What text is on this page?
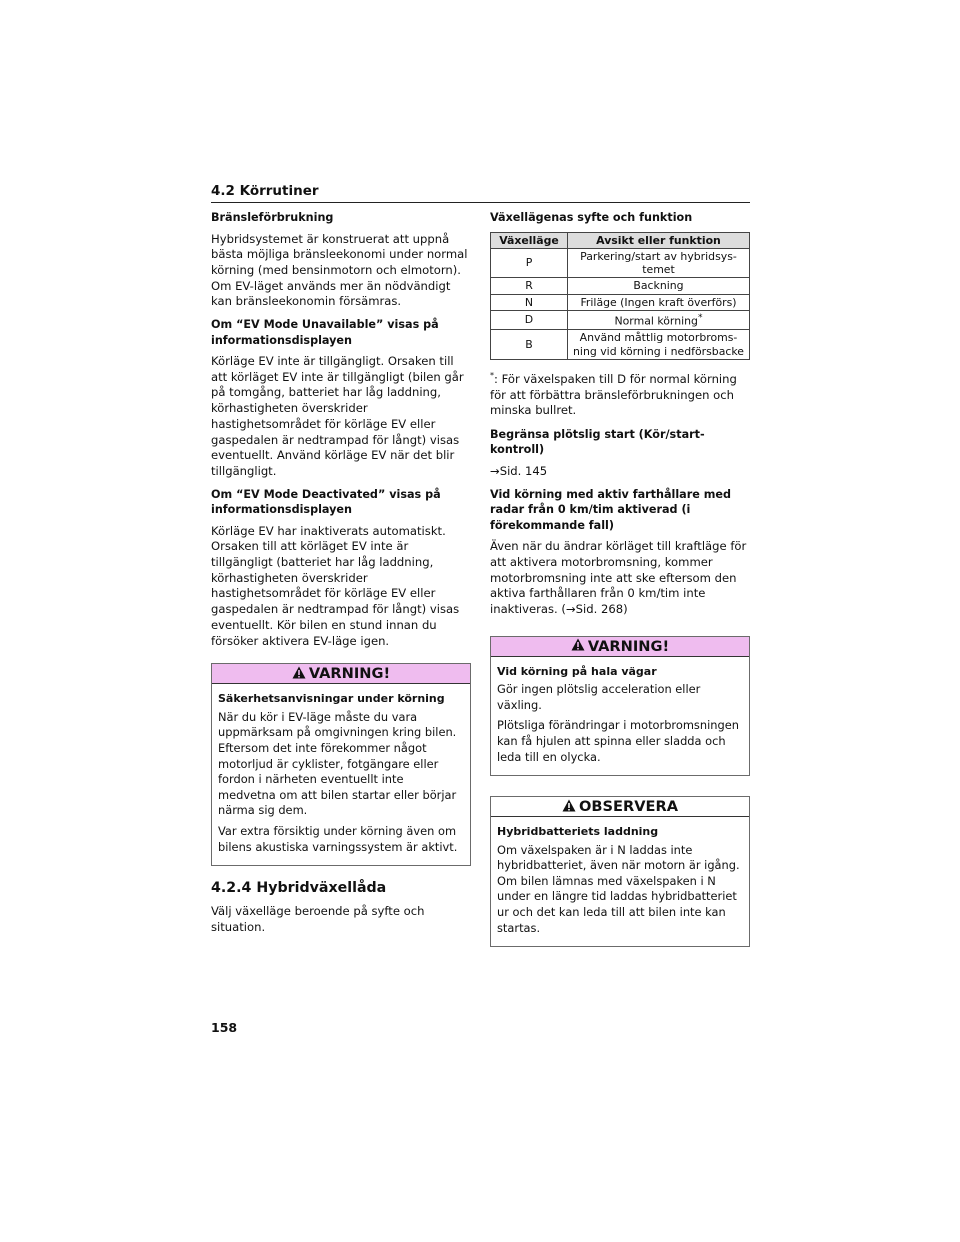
4.2 Körrutiner
Bränsleförbrukning
Hybridsystemet är konstruerat att uppnå bästa möjliga bränsleekonomi under normal körning (med bensinmotorn och elmotorn). Om EV-läget används mer än nödvändigt kan bränsleekonomin försämras.
Om “EV Mode Unavailable” visas på informationsdisplayen
Körläge EV inte är tillgängligt. Orsaken till att körläget EV inte är tillgängligt (bilen går på tomgång, batteriet har låg laddning, körhastigheten överskrider hastighetsområdet för körläge EV eller gaspedalen är nedtrampad för långt) visas eventuellt. Använd körläge EV när det blir tillgängligt.
Om “EV Mode Deactivated” visas på informationsdisplayen
Körläge EV har inaktiverats automatiskt. Orsaken till att körläget EV inte är tillgängligt (batteriet har låg laddning, körhastigheten överskrider hastighetsområdet för körläge EV eller gaspedalen är nedtrampad för långt) visas eventuellt. Kör bilen en stund innan du försöker aktivera EV-läge igen.
VARNING!
Säkerhetsanvisningar under körning
När du kör i EV-läge måste du vara uppmärksam på omgivningen kring bilen. Eftersom det inte förekommer något motorljud är cyklister, fotgängare eller fordon i närheten eventuellt inte medvetna om att bilen startar eller börjar närma sig dem.
Var extra försiktig under körning även om bilens akustiska varningssystem är aktivt.
4.2.4 Hybridväxellåda
Välj växelläge beroende på syfte och situation.
Växellägenas syfte och funktion
Växelläge	Avsikt eller funktion
P	Parkering/start av hybridsys-temet
R	Backning
N	Friläge (Ingen kraft överförs)
D	Normal körning*
B	Använd måttlig motorbroms-ning vid körning i nedförsbacke
*: För växelspaken till D för normal körning för att förbättra bränsleförbrukningen och minska bullret.
Begränsa plötslig start (Kör/start-kontroll)
→Sid. 145
Vid körning med aktiv farthållare med radar från 0 km/tim aktiverad (i förekommande fall)
Även när du ändrar körläget till kraftläge för att aktivera motorbromsning, kommer motorbromsning inte att ske eftersom den aktiva farthållaren från 0 km/tim inte inaktiveras. (→Sid. 268)
VARNING!
Vid körning på hala vägar
Gör ingen plötslig acceleration eller växling.
Plötsliga förändringar i motorbromsningen kan få hjulen att spinna eller sladda och leda till en olycka.
OBSERVERA
Hybridbatteriets laddning
Om växelspaken är i N laddas inte hybridbatteriet, även när motorn är igång. Om bilen lämnas med växelspaken i N under en längre tid laddas hybridbatteriet ur och det kan leda till att bilen inte kan startas.
158
